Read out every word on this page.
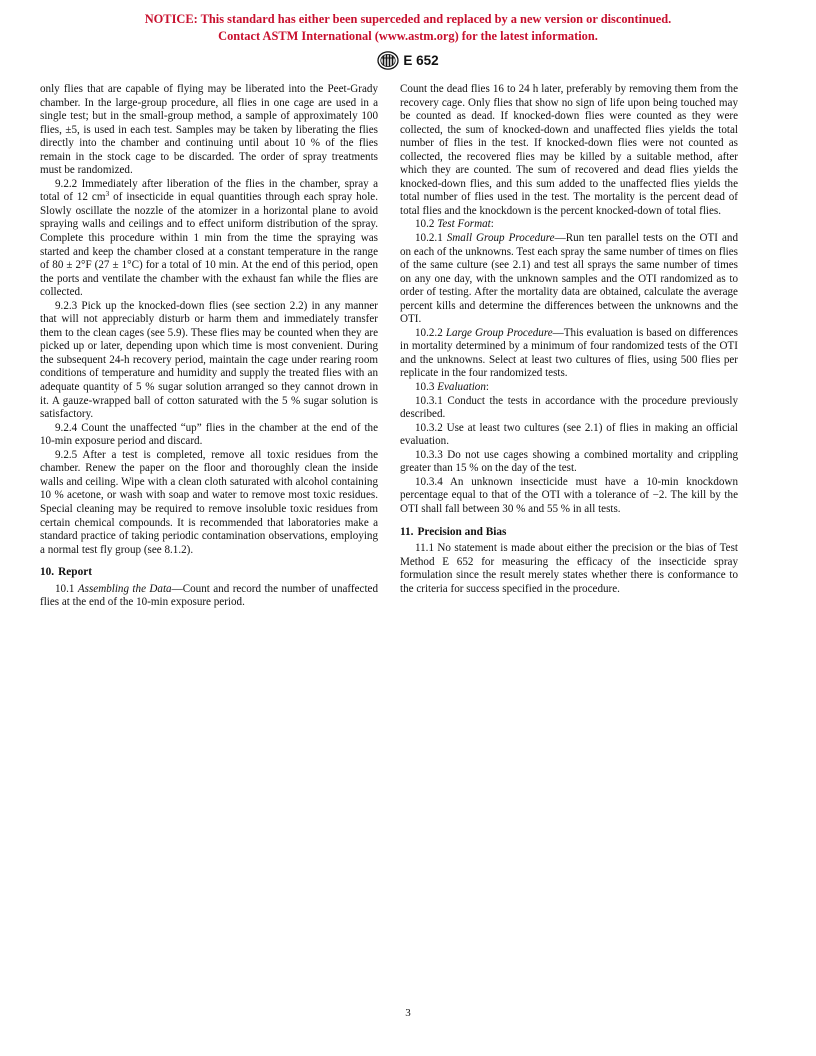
NOTICE: This standard has either been superceded and replaced by a new version or discontinued.
Contact ASTM International (www.astm.org) for the latest information.
E 652

only flies that are capable of flying may be liberated into the Peet-Grady chamber. In the large-group procedure, all flies in one cage are used in a single test; but in the small-group method, a sample of approximately 100 flies, ±5, is used in each test. Samples may be taken by liberating the flies directly into the chamber and continuing until about 10 % of the flies remain in the stock cage to be discarded. The order of spray treatments must be randomized.

9.2.2 Immediately after liberation of the flies in the chamber, spray a total of 12 $cm^3$ of insecticide in equal quantities through each spray hole. Slowly oscillate the nozzle of the atomizer in a horizontal plane to avoid spraying walls and ceilings and to effect uniform distribution of the spray. Complete this procedure within 1 min from the time the spraying was started and keep the chamber closed at a constant temperature in the range of 80 ± 2°F (27 ± 1°C) for a total of 10 min. At the end of this period, open the ports and ventilate the chamber with the exhaust fan while the flies are collected.

9.2.3 Pick up the knocked-down flies (see section 2.2) in any manner that will not appreciably disturb or harm them and immediately transfer them to the clean cages (see 5.9). These flies may be counted when they are picked up or later, depending upon which time is most convenient. During the subsequent 24-h recovery period, maintain the cage under rearing room conditions of temperature and humidity and supply the treated flies with an adequate quantity of 5 % sugar solution arranged so they cannot drown in it. A gauze-wrapped ball of cotton saturated with the 5 % sugar solution is satisfactory.

9.2.4 Count the unaffected “up” flies in the chamber at the end of the 10-min exposure period and discard.

9.2.5 After a test is completed, remove all toxic residues from the chamber. Renew the paper on the floor and thoroughly clean the inside walls and ceiling. Wipe with a clean cloth saturated with alcohol containing 10 % acetone, or wash with soap and water to remove most toxic residues. Special cleaning may be required to remove insoluble toxic residues from certain chemical compounds. It is recommended that laboratories make a standard practice of taking periodic contamination observations, employing a normal test fly group (see 8.1.2).

10. Report

10.1 Assembling the Data—Count and record the number of unaffected flies at the end of the 10-min exposure period.

Count the dead flies 16 to 24 h later, preferably by removing them from the recovery cage. Only flies that show no sign of life upon being touched may be counted as dead. If knocked-down flies were counted as they were collected, the sum of knocked-down and unaffected flies yields the total number of flies in the test. If knocked-down flies were not counted as collected, the recovered flies may be killed by a suitable method, after which they are counted. The sum of recovered and dead flies yields the knocked-down flies, and this sum added to the unaffected flies yields the total number of flies used in the test. The mortality is the percent dead of total flies and the knockdown is the percent knocked-down of total flies.

10.2 Test Format:

10.2.1 Small Group Procedure—Run ten parallel tests on the OTI and on each of the unknowns. Test each spray the same number of times on flies of the same culture (see 2.1) and test all sprays the same number of times on any one day, with the unknown samples and the OTI randomized as to order of testing. After the mortality data are obtained, calculate the average percent kills and determine the differences between the unknowns and the OTI.

10.2.2 Large Group Procedure—This evaluation is based on differences in mortality determined by a minimum of four randomized tests of the OTI and the unknowns. Select at least two cultures of flies, using 500 flies per replicate in the four randomized tests.

10.3 Evaluation:

10.3.1 Conduct the tests in accordance with the procedure previously described.

10.3.2 Use at least two cultures (see 2.1) of flies in making an official evaluation.

10.3.3 Do not use cages showing a combined mortality and crippling greater than 15 % on the day of the test.

10.3.4 An unknown insecticide must have a 10-min knockdown percentage equal to that of the OTI with a tolerance of −2. The kill by the OTI shall fall between 30 % and 55 % in all tests.

11. Precision and Bias

11.1 No statement is made about either the precision or the bias of Test Method E 652 for measuring the efficacy of the insecticide spray formulation since the result merely states whether there is conformance to the criteria for success specified in the procedure.

3
